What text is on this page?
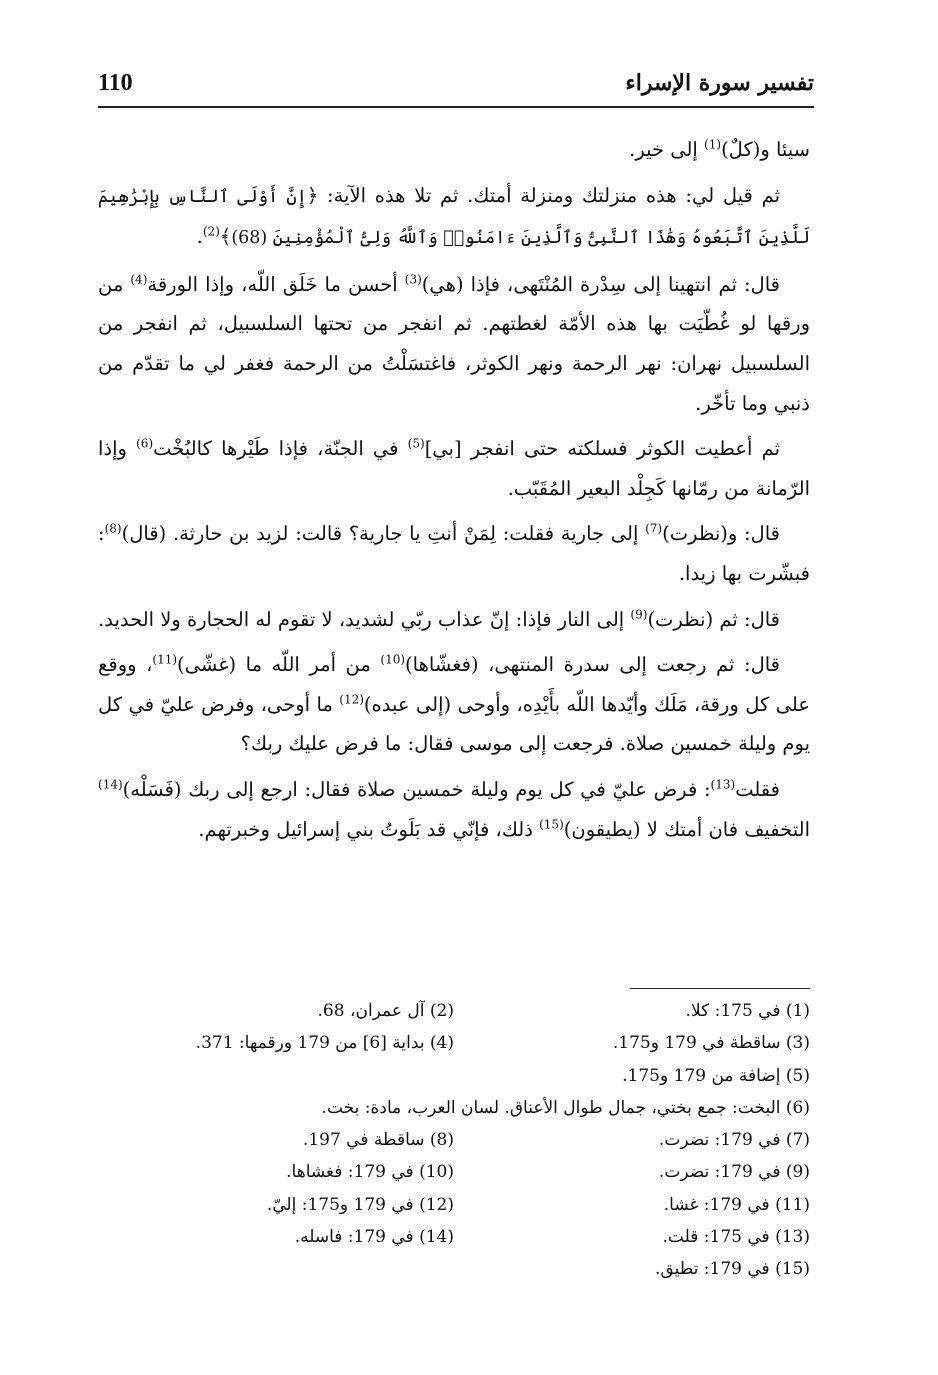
110	تفسير سورة الإسراء

سيئا و(كلٌ)$^{(1)}$ إلى خير.

ثم قيل لي: هذه منزلتك ومنزلة أمتك. ثم تلا هذه الآية: ﴿إِنَّ أَوْلَى ٱلنَّاسِ بِإِبْرَٰهِيمَ لَلَّذِينَ ٱتَّبَعُوهُ وَهَٰذَا ٱلنَّبِىُّ وَٱلَّذِينَ ءَامَنُوا۟ وَٱللَّهُ وَلِىُّ ٱلْمُؤْمِنِينَ (68)﴾$^{(2)}$.

قال: ثم انتهينا إلى سِدْرة المُنْتَهى، فإذا (هي)$^{(3)}$ أحسن ما خَلَق اللّه، وإذا الورقة$^{(4)}$ من ورقها لو غُطّيَت بها هذه الأمّة لغطتهم. ثم انفجر من تحتها السلسبيل، ثم انفجر من السلسبيل نهران: نهر الرحمة ونهر الكوثر، فاغتسَلْتُ من الرحمة فغفر لي ما تقدّم من ذنبي وما تأخّر.

ثم أعطيت الكوثر فسلكته حتى انفجر [بي]$^{(5)}$ في الجنّة، فإذا طَيْرها كالبُخْت$^{(6)}$ وإذا الرّمانة من رمّانها كَجِلْد البعير المُقَبّب.

قال: و(نظرت)$^{(7)}$ إلى جارية فقلت: لِمَنْ أنتِ يا جارية؟ قالت: لزيد بن حارثة. (قال)$^{(8)}$: فبشّرت بها زيدا.

قال: ثم (نظرت)$^{(9)}$ إلى النار فإذا: إنّ عذاب ربّي لشديد، لا تقوم له الحجارة ولا الحديد.

قال: ثم رجعت إلى سدرة المنتهى، (فغشّاها)$^{(10)}$ من أمر اللّه ما (غشّى)$^{(11)}$، ووقع على كل ورقة، مَلَك وأيّدها اللّه بأَيْدِه، وأوحى (إلى عبده)$^{(12)}$ ما أوحى، وفرض عليّ في كل يوم وليلة خمسين صلاة. فرجعت إلى موسى فقال: ما فرض عليك ربك؟

فقلت$^{(13)}$: فرض عليّ في كل يوم وليلة خمسين صلاة فقال: ارجع إلى ربك (فَسَلْه)$^{(14)}$ التخفيف فان أمتك لا (يطيقون)$^{(15)}$ ذلك، فإنّي قد بَلَوتُ بني إسرائيل وخبرتهم.

(1) في 175: كلا.
(2) آل عمران، 68.
(3) ساقطة في 179 و175.
(4) بداية [6] من 179 ورقمها: 371.
(5) إضافة من 179 و175.
(6) البخت: جمع بختي، جمال طوال الأعناق. لسان العرب، مادة: بخت.
(7) في 179: نضرت.
(8) ساقطة في 197.
(9) في 179: نضرت.
(10) في 179: فغشاها.
(11) في 179: غشا.
(12) في 179 و175: إليّ.
(13) في 175: قلت.
(14) في 179: فاسله.
(15) في 179: تطيق.
